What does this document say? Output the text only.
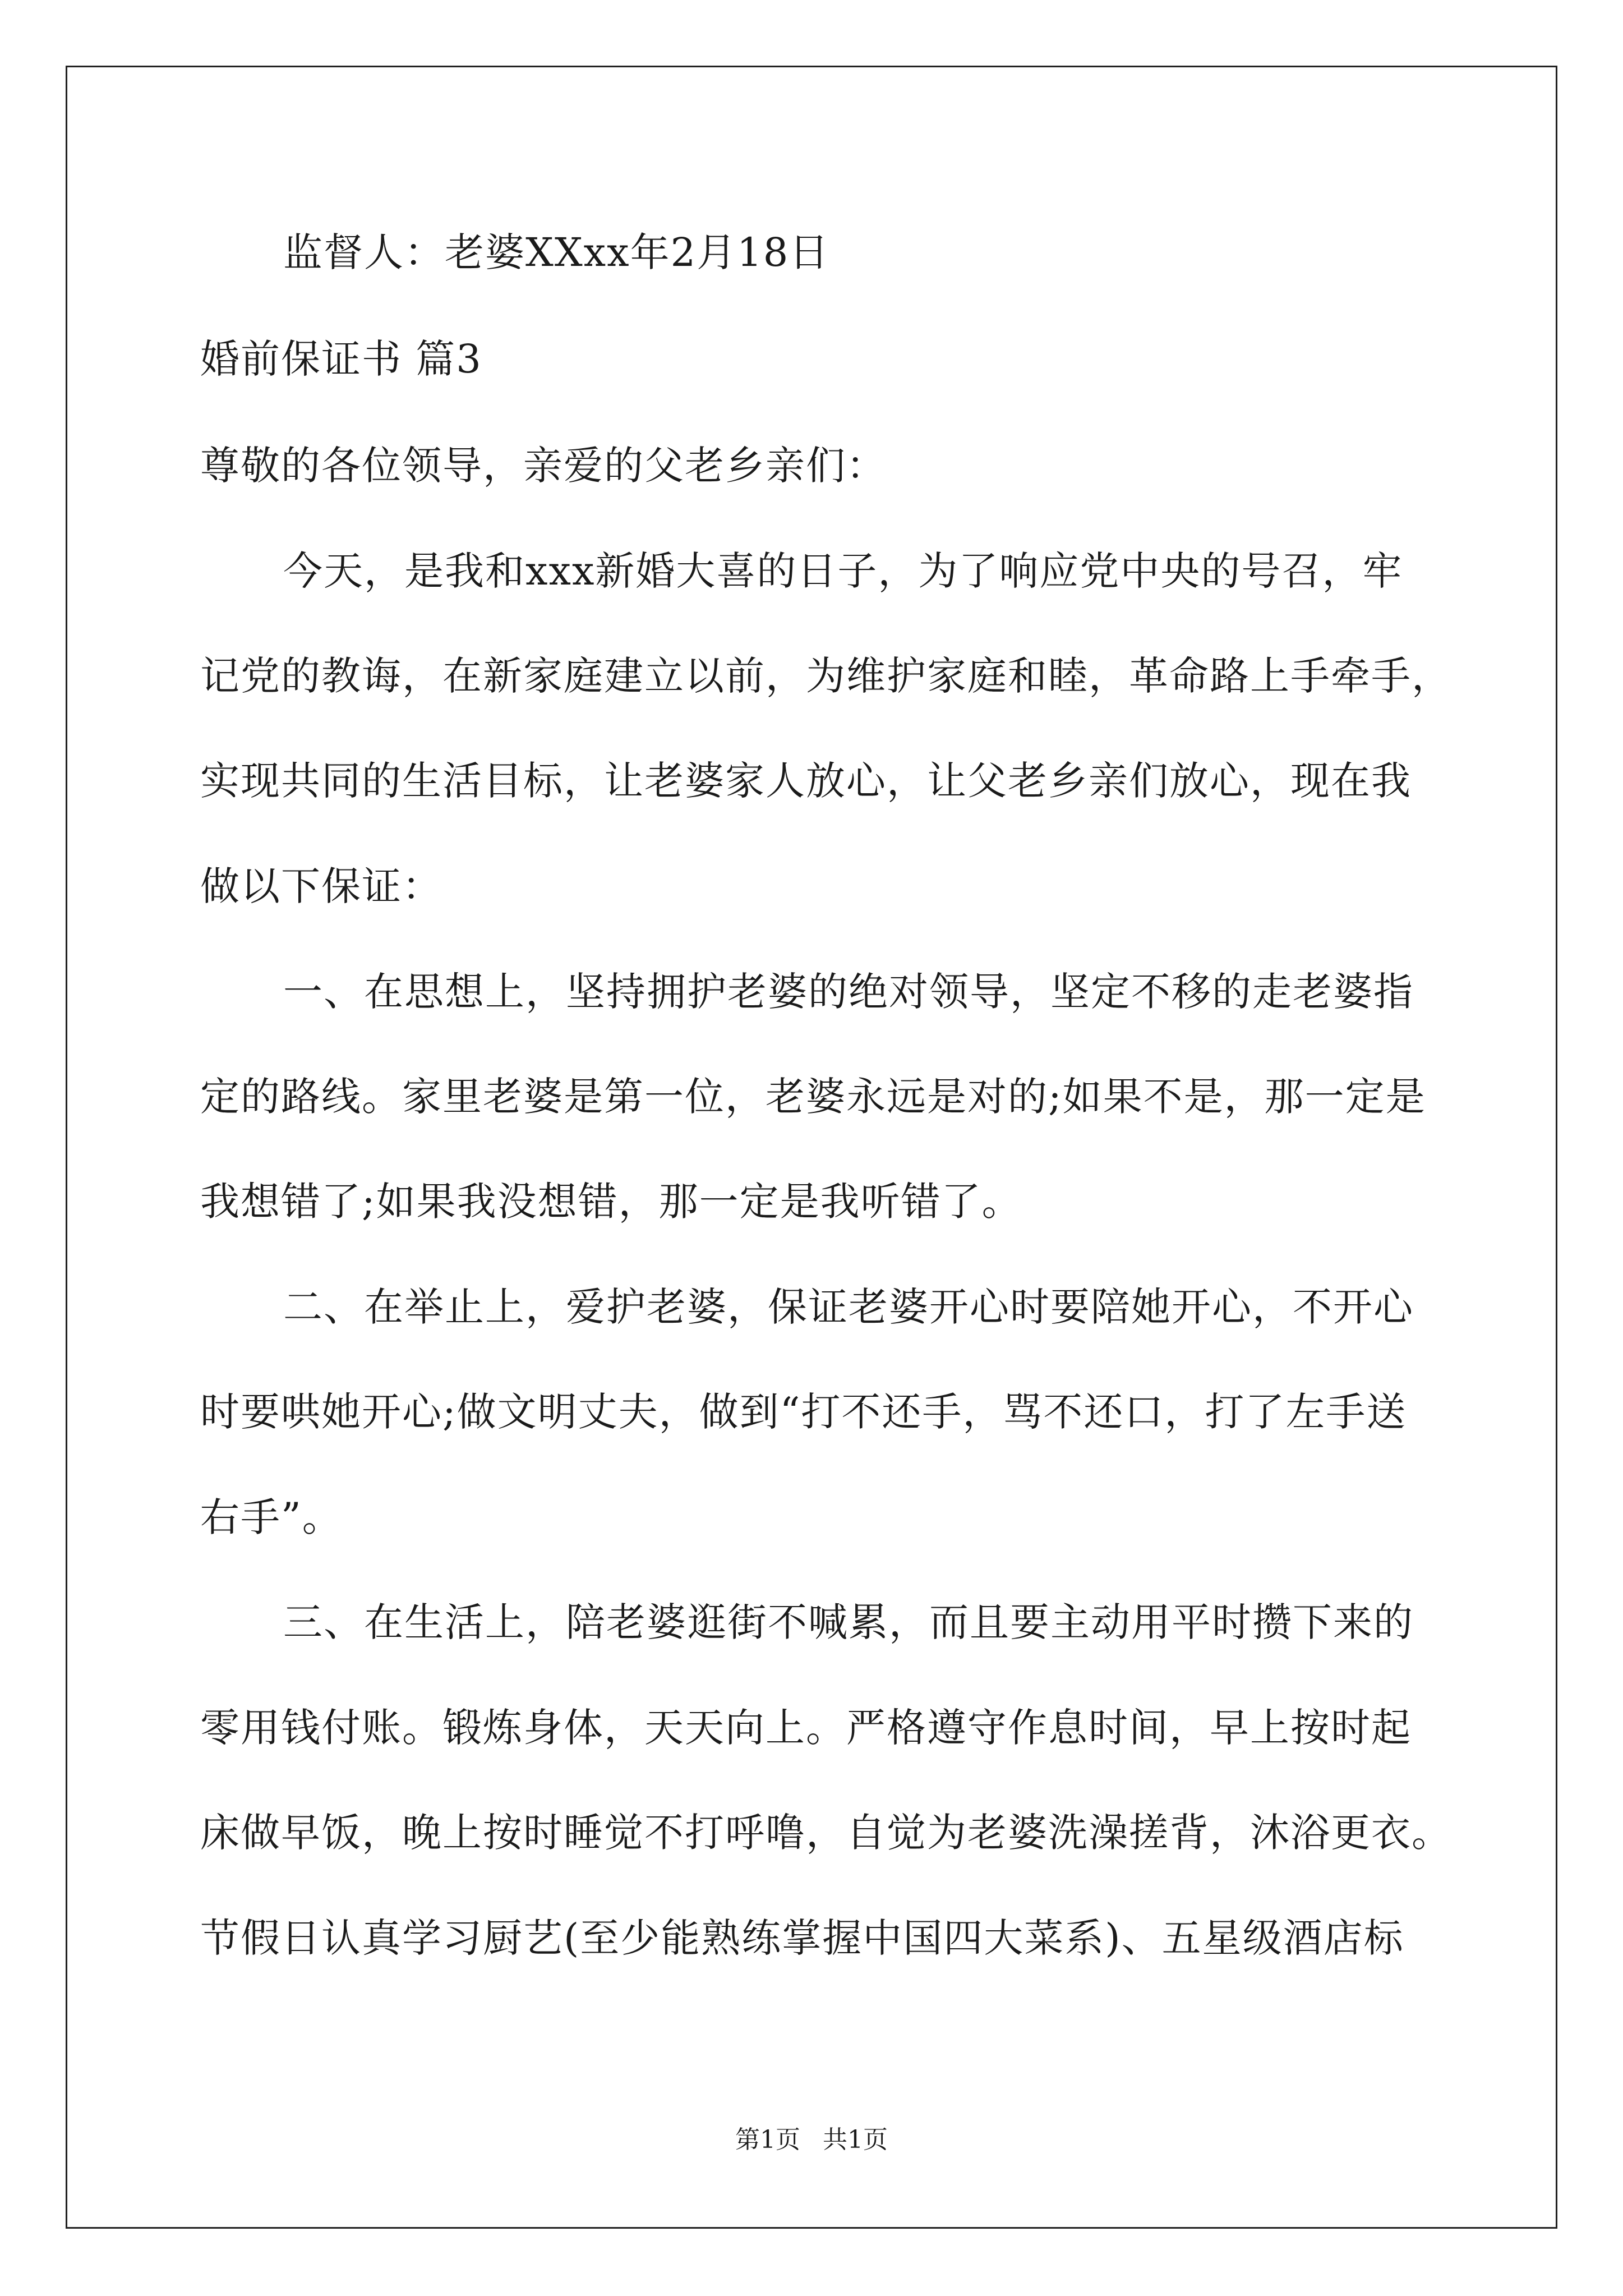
监督人：老婆XXxx年2月18日
婚前保证书 篇3
尊敬的各位领导，亲爱的父老乡亲们：
今天，是我和xxx新婚大喜的日子，为了响应党中央的号召，牢
记党的教诲，在新家庭建立以前，为维护家庭和睦，革命路上手牵手，
实现共同的生活目标，让老婆家人放心，让父老乡亲们放心，现在我
做以下保证：
一、在思想上，坚持拥护老婆的绝对领导，坚定不移的走老婆指
定的路线。家里老婆是第一位，老婆永远是对的;如果不是，那一定是
我想错了;如果我没想错，那一定是我听错了。
二、在举止上，爱护老婆，保证老婆开心时要陪她开心，不开心
时要哄她开心;做文明丈夫，做到“打不还手，骂不还口，打了左手送
右手”。
三、在生活上，陪老婆逛街不喊累，而且要主动用平时攒下来的
零用钱付账。锻炼身体，天天向上。严格遵守作息时间，早上按时起
床做早饭，晚上按时睡觉不打呼噜，自觉为老婆洗澡搓背，沐浴更衣。
节假日认真学习厨艺(至少能熟练掌握中国四大菜系)、五星级酒店标
第1页 共1页
